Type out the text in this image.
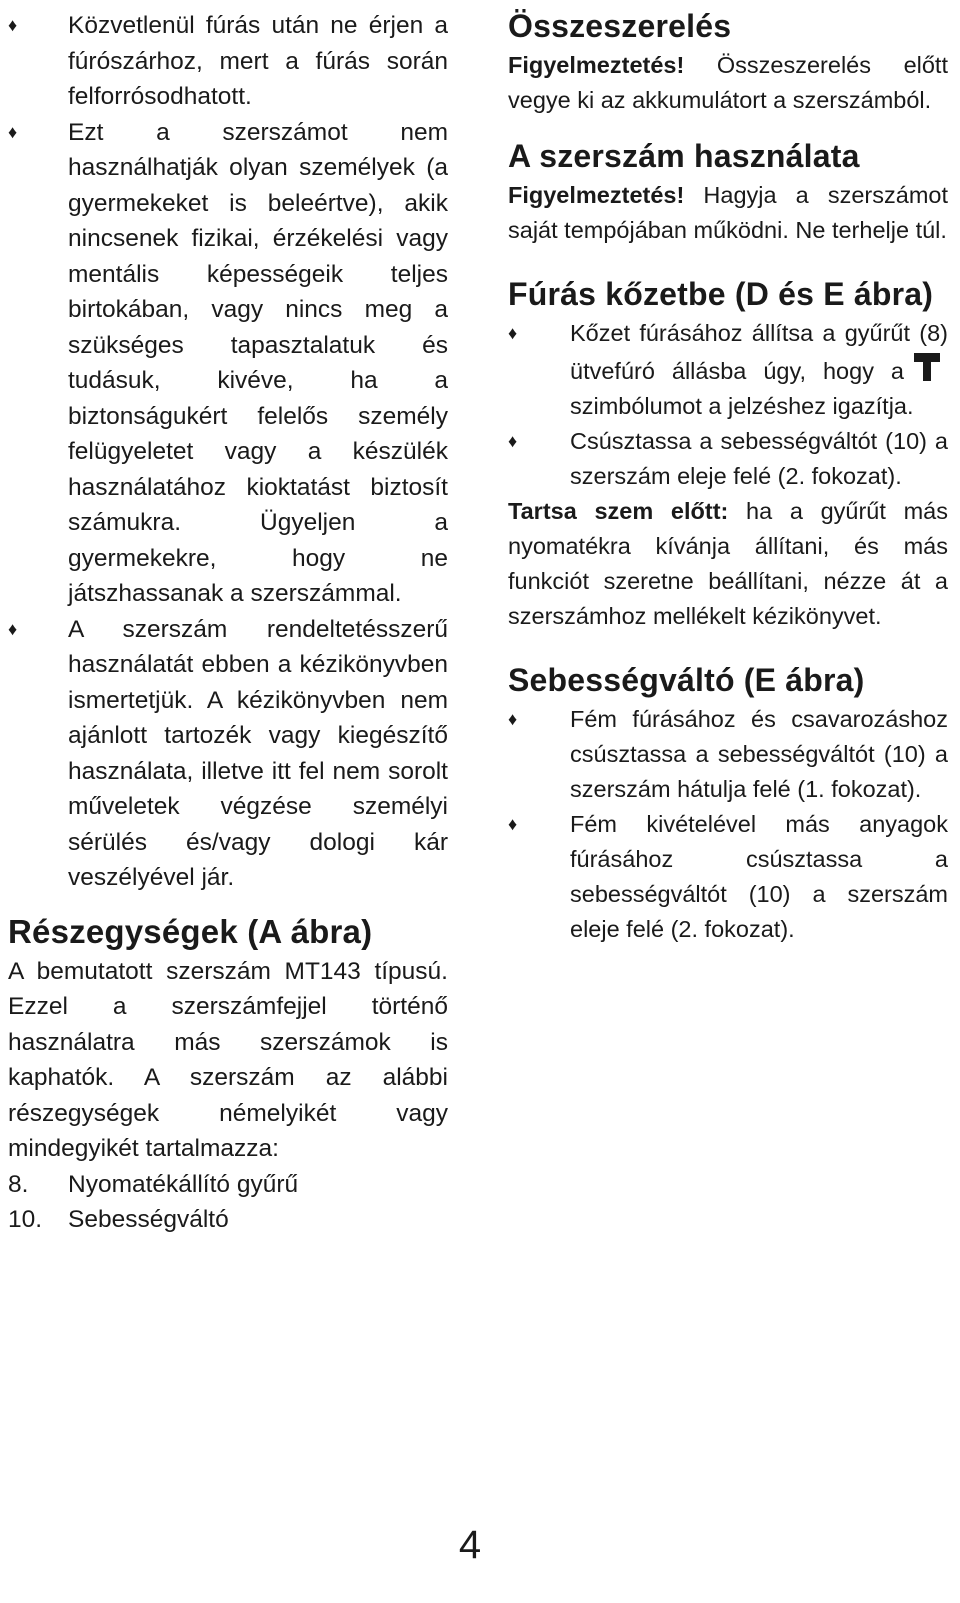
♦	Közvetlenül fúrás után ne érjen a fúrószárhoz, mert a fúrás során felforrósodhatott.
♦	Ezt a szerszámot nem használhatják olyan személyek (a gyermekeket is beleértve), akik nincsenek fizikai, érzékelési vagy mentális képességeik teljes birtokában, vagy nincs meg a szükséges tapasztalatuk és tudásuk, kivéve, ha a biztonságukért felelős személy felügyeletet vagy a készülék használatához kioktatást biztosít számukra. Ügyeljen a gyermekekre, hogy ne játszhassanak a szerszámmal.
♦	A szerszám rendeltetésszerű használatát ebben a kézikönyvben ismertetjük. A kézikönyvben nem ajánlott tartozék vagy kiegészítő használata, illetve itt fel nem sorolt műveletek végzése személyi sérülés és/vagy dologi kár veszélyével jár.
Részegységek (A ábra)

A bemutatott szerszám MT143 típusú. Ezzel a szerszámfejjel történő használatra más szerszámok is kaphatók. A szerszám az alábbi részegységek némelyikét vagy mindegyikét tartalmazza:

8.	Nyomatékállító gyűrű
10.	Sebességváltó
Összeszerelés

Figyelmeztetés! Összeszerelés előtt vegye ki az akkumulátort a szerszámból.

A szerszám használata

Figyelmeztetés! Hagyja a szerszámot saját tempójában működni. Ne terhelje túl.

Fúrás kőzetbe (D és E ábra)
♦	Kőzet fúrásához állítsa a gyűrűt (8) ütvefúró állásba úgy, hogy aszimbólumot a jelzéshez igazítja.
♦	Csúsztassa a sebességváltót (10) a szerszám eleje felé (2. fokozat).

Tartsa szem előtt: ha a gyűrűt más nyomatékra kívánja állítani, és más funkciót szeretne beállítani, nézze át a szerszámhoz mellékelt kézikönyvet.

Sebességváltó (E ábra)
♦	Fém fúrásához és csavarozáshoz csúsztassa a sebességváltót (10) a szerszám hátulja felé (1. fokozat).
♦	Fém kivételével más anyagok fúrásához csúsztassa a sebességváltót (10) a szerszám eleje felé (2. fokozat).
4
